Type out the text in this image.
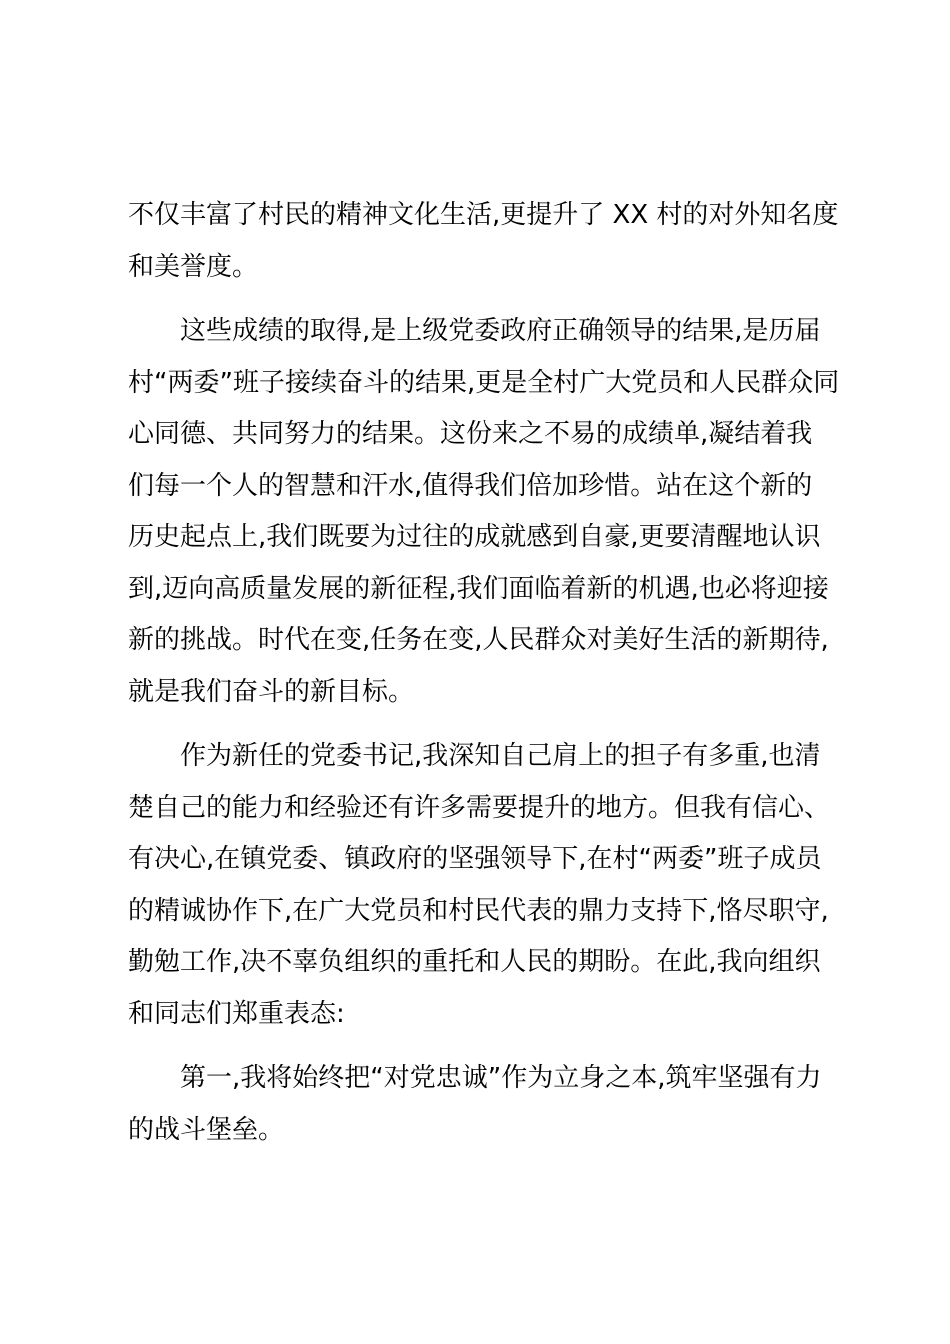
不仅丰富了村民的精神文化生活,更提升了 XX 村的对外知名度
和美誉度。

这些成绩的取得,是上级党委政府正确领导的结果,是历届
村“两委”班子接续奋斗的结果,更是全村广大党员和人民群众同
心同德、共同努力的结果。这份来之不易的成绩单,凝结着我
们每一个人的智慧和汗水,值得我们倍加珍惜。站在这个新的
历史起点上,我们既要为过往的成就感到自豪,更要清醒地认识
到,迈向高质量发展的新征程,我们面临着新的机遇,也必将迎接
新的挑战。时代在变,任务在变,人民群众对美好生活的新期待,
就是我们奋斗的新目标。

作为新任的党委书记,我深知自己肩上的担子有多重,也清
楚自己的能力和经验还有许多需要提升的地方。但我有信心、
有决心,在镇党委、镇政府的坚强领导下,在村“两委”班子成员
的精诚协作下,在广大党员和村民代表的鼎力支持下,恪尽职守,
勤勉工作,决不辜负组织的重托和人民的期盼。在此,我向组织
和同志们郑重表态:

第一,我将始终把“对党忠诚”作为立身之本,筑牢坚强有力
的战斗堡垒。
